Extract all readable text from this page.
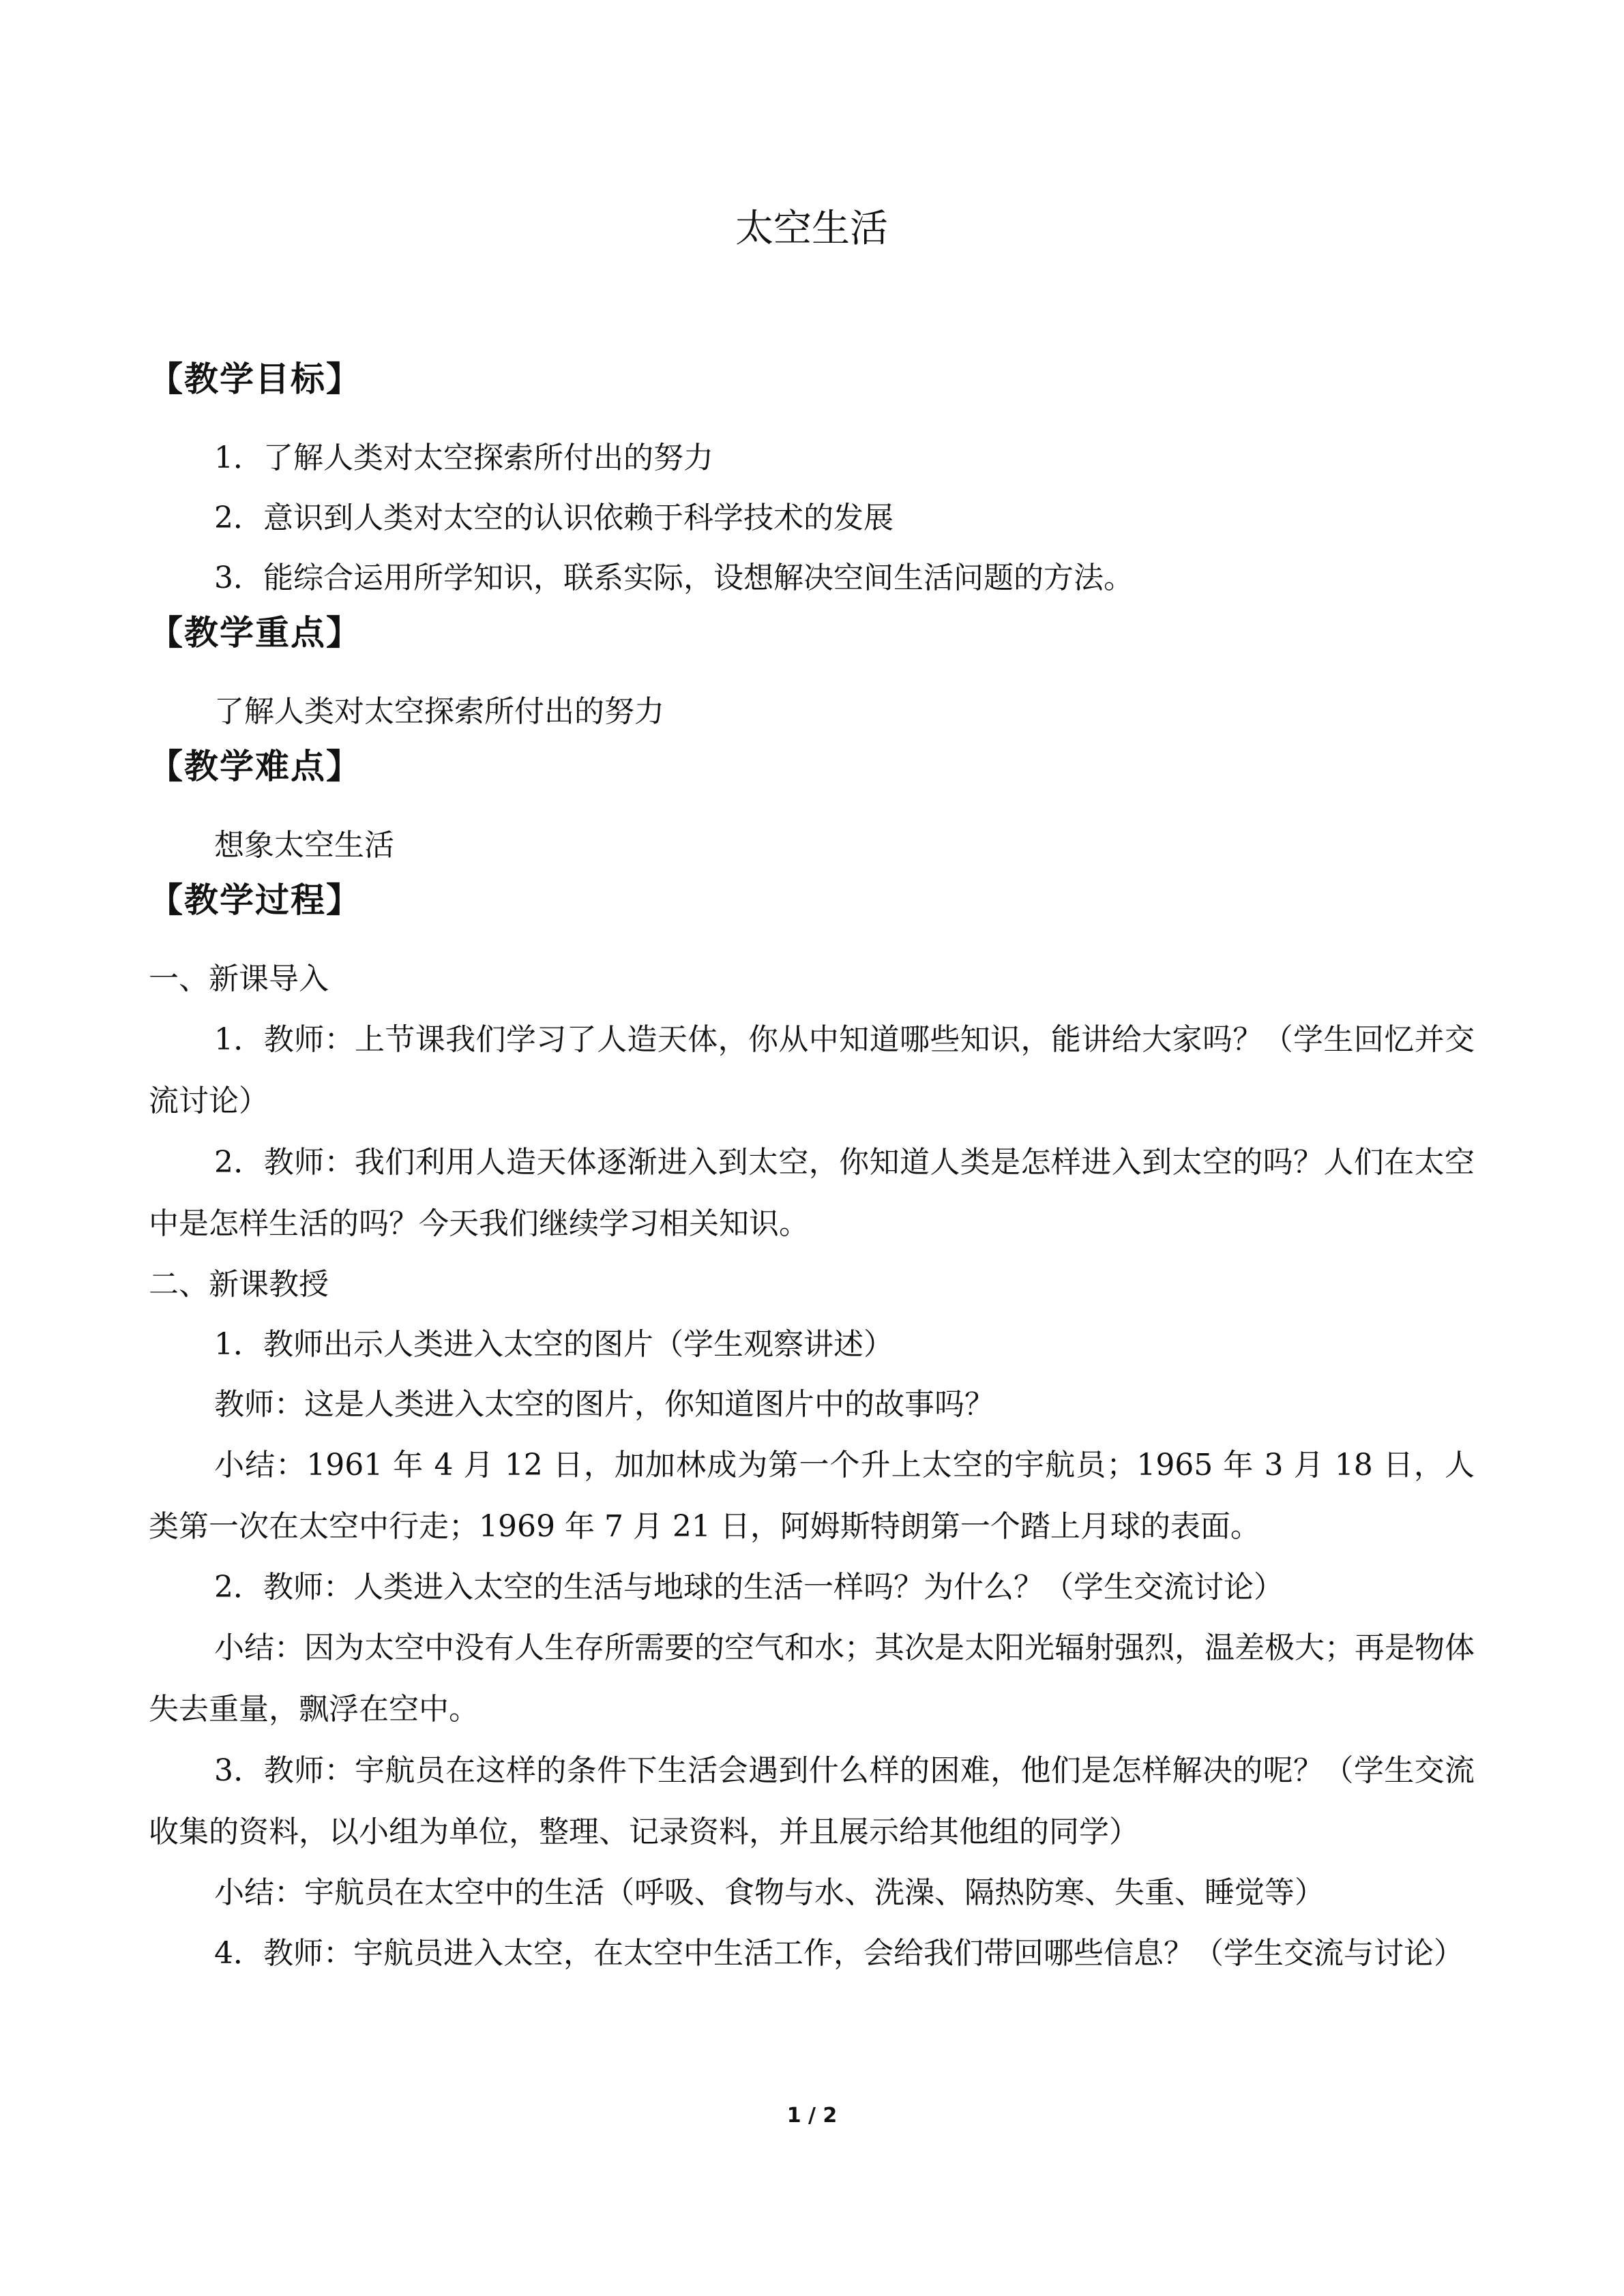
太空生活
【教学目标】

1．了解人类对太空探索所付出的努力

2．意识到人类对太空的认识依赖于科学技术的发展

3．能综合运用所学知识，联系实际，设想解决空间生活问题的方法。

【教学重点】

了解人类对太空探索所付出的努力

【教学难点】

想象太空生活

【教学过程】

一、新课导入

1．教师：上节课我们学习了人造天体，你从中知道哪些知识，能讲给大家吗？（学生回忆并交流讨论）

2．教师：我们利用人造天体逐渐进入到太空，你知道人类是怎样进入到太空的吗？人们在太空中是怎样生活的吗？今天我们继续学习相关知识。

二、新课教授

1．教师出示人类进入太空的图片（学生观察讲述）

教师：这是人类进入太空的图片，你知道图片中的故事吗？

小结：1961 年 4 月 12 日，加加林成为第一个升上太空的宇航员；1965 年 3 月 18 日，人类第一次在太空中行走；1969 年 7 月 21 日，阿姆斯特朗第一个踏上月球的表面。

2．教师：人类进入太空的生活与地球的生活一样吗？为什么？（学生交流讨论）

小结：因为太空中没有人生存所需要的空气和水；其次是太阳光辐射强烈，温差极大；再是物体失去重量，飘浮在空中。

3．教师：宇航员在这样的条件下生活会遇到什么样的困难，他们是怎样解决的呢？（学生交流收集的资料，以小组为单位，整理、记录资料，并且展示给其他组的同学）

小结：宇航员在太空中的生活（呼吸、食物与水、洗澡、隔热防寒、失重、睡觉等）

4．教师：宇航员进入太空，在太空中生活工作，会给我们带回哪些信息？（学生交流与讨论）

1 / 2
